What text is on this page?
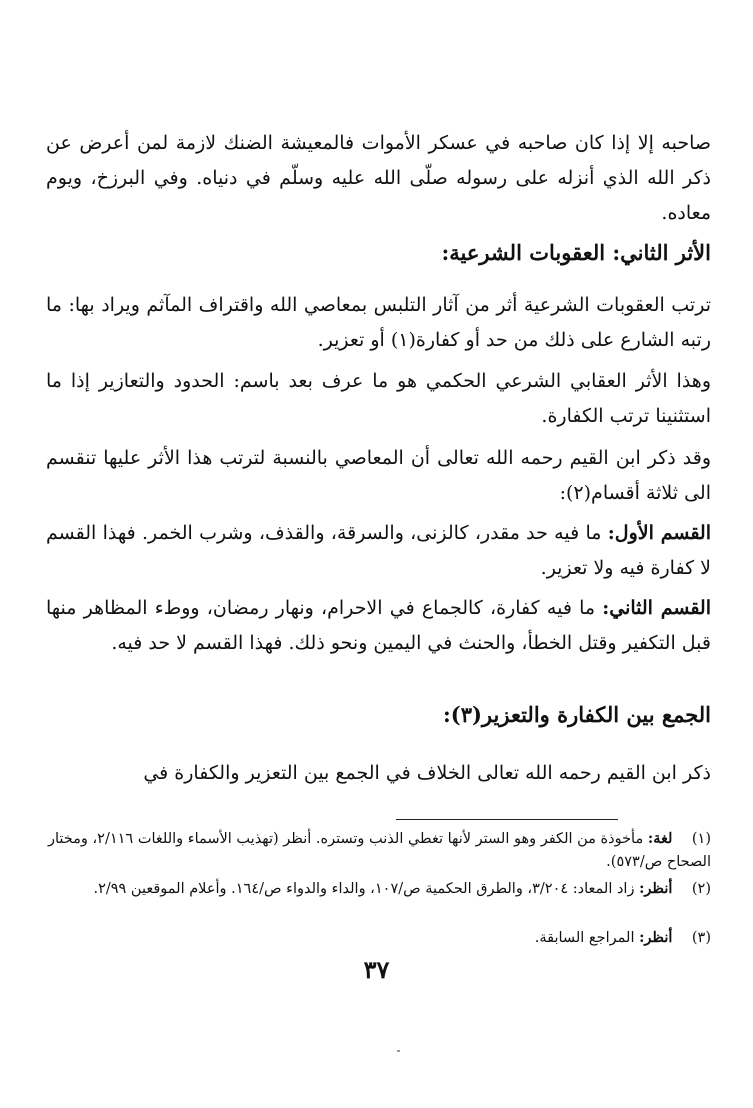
صاحبه إلا إذا كان صاحبه في عسكر الأموات فالمعيشة الضنك لازمة لمن أعرض عن ذكر الله الذي أنزله على رسوله صلّى الله عليه وسلّم في دنياه. وفي البرزخ، ويوم معاده.

الأثر الثاني: العقوبات الشرعية:

ترتب العقوبات الشرعية أثر من آثار التلبس بمعاصي الله واقتراف المآثم ويراد بها: ما رتبه الشارع على ذلك من حد أو كفارة(١) أو تعزير.

وهذا الأثر العقابي الشرعي الحكمي هو ما عرف بعد باسم: الحدود والتعازير إذا ما استثنينا ترتب الكفارة.

وقد ذكر ابن القيم رحمه الله تعالى أن المعاصي بالنسبة لترتب هذا الأثر عليها تنقسم الى ثلاثة أقسام(٢):

القسم الأول: ما فيه حد مقدر، كالزنى، والسرقة، والقذف، وشرب الخمر. فهذا القسم لا كفارة فيه ولا تعزير.

القسم الثاني: ما فيه كفارة، كالجماع في الاحرام، ونهار رمضان، ووطء المظاهر منها قبل التكفير وقتل الخطأ، والحنث في اليمين ونحو ذلك. فهذا القسم لا حد فيه.

الجمع بين الكفارة والتعزير(٣):

ذكر ابن القيم رحمه الله تعالى الخلاف في الجمع بين التعزير والكفارة في

(١) لغة: مأخوذة من الكفر وهو الستر لأنها تغطي الذنب وتستره. أنظر (تهذيب الأسماء واللغات ٢/١١٦، ومختار الصحاح ص/٥٧٣).
(٢) أنظر: زاد المعاد: ٣/٢٠٤، والطرق الحكمية ص/١٠٧، والداء والدواء ص/١٦٤. وأعلام الموقعين ٢/٩٩.
(٣) أنظر: المراجع السابقة.
٣٧
